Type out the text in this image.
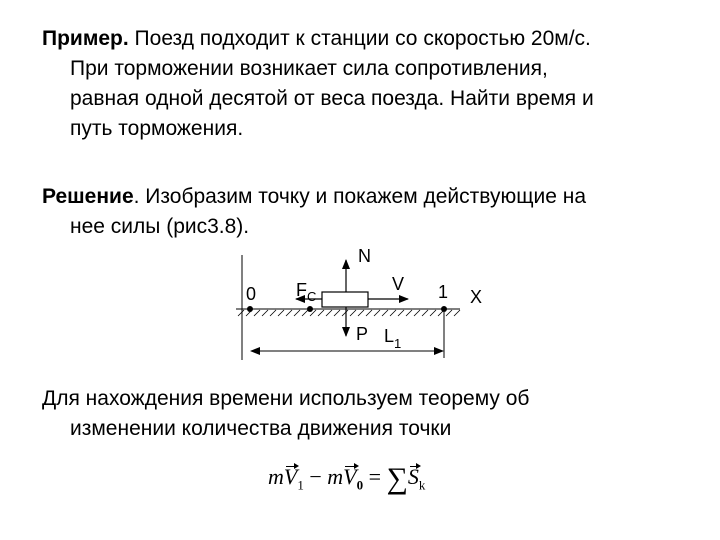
Пример. Поезд подходит к станции со скоростью 20м/с.
При торможении возникает сила сопротивления,
равная одной десятой от веса поезда. Найти время и
путь торможения.
Решение. Изобразим точку и покажем действующие на
нее силы (рис3.8).
0 $F_C$
N
V 1 X
P $L_1$
Для нахождения времени используем теорему об
изменении количества движения точки
$mV_1 - mV_0 = \sum S_k$
